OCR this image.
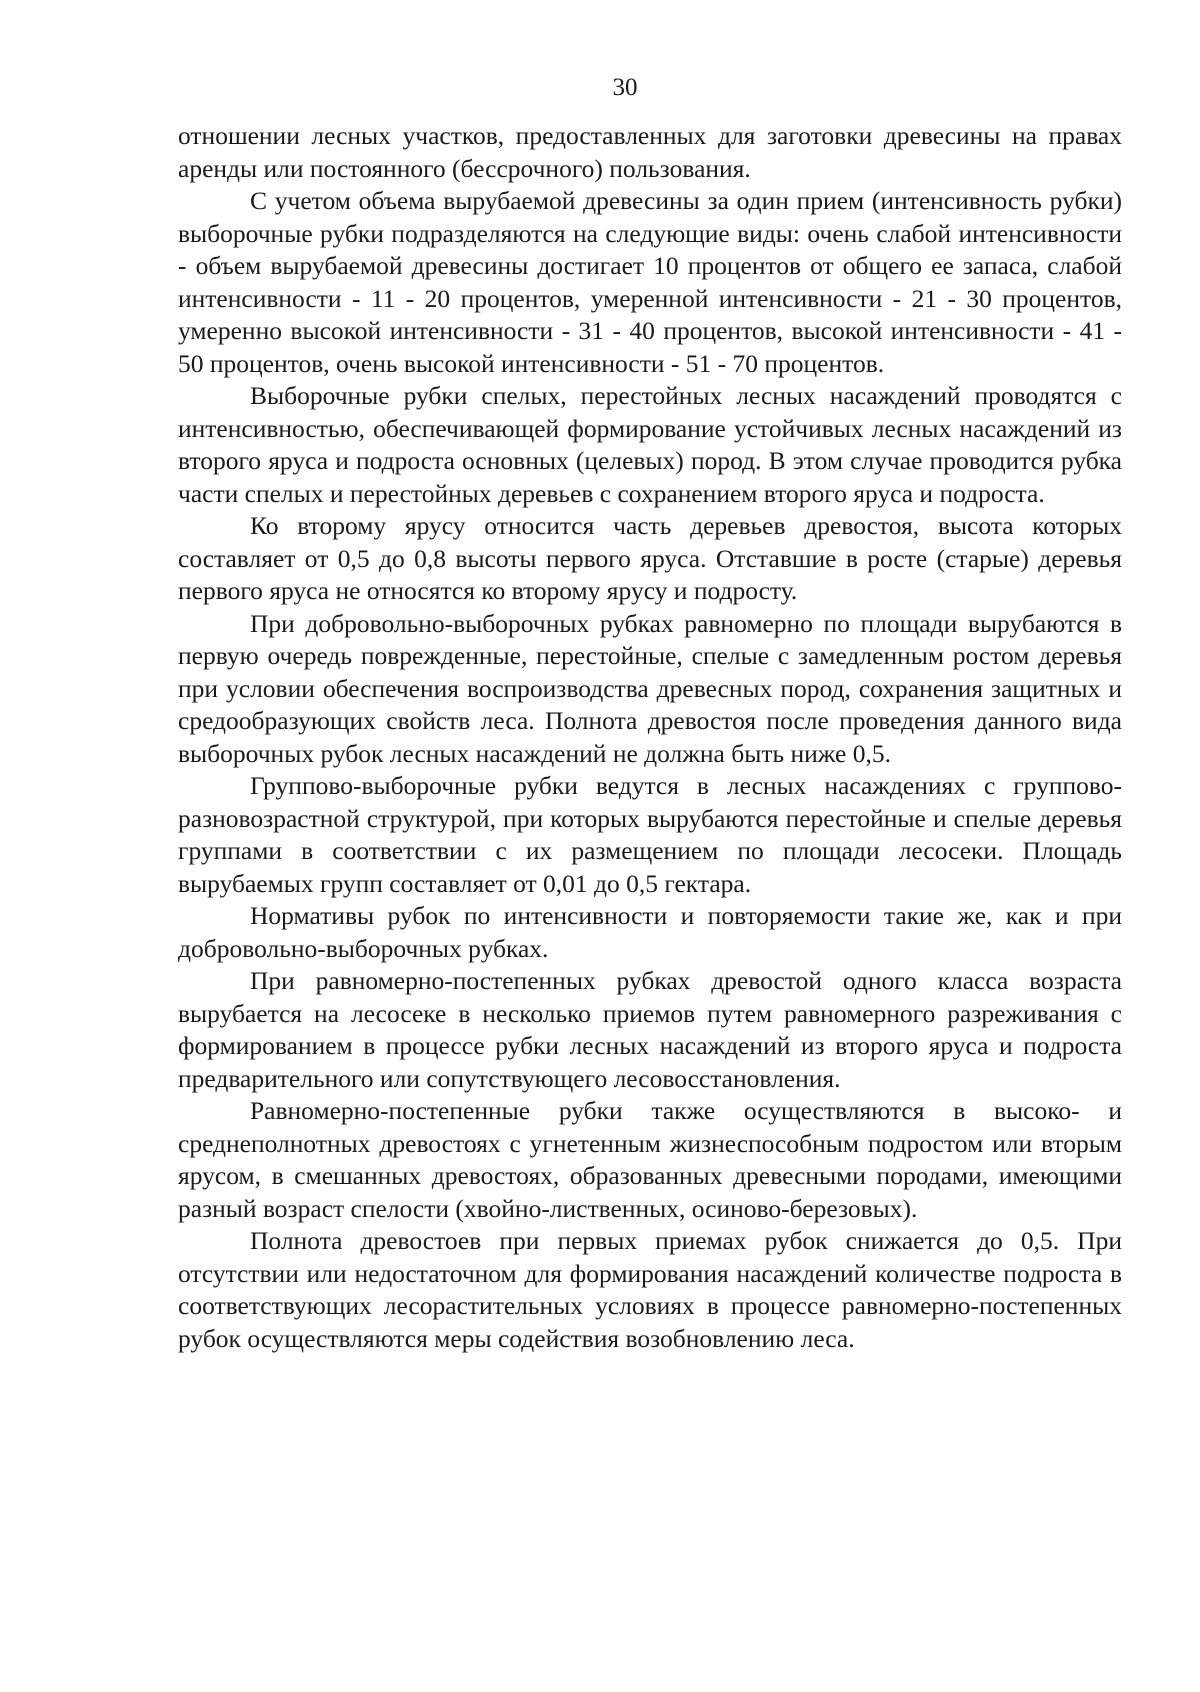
30

отношении лесных участков, предоставленных для заготовки древесины на правах аренды или постоянного (бессрочного) пользования.

С учетом объема вырубаемой древесины за один прием (интенсивность рубки) выборочные рубки подразделяются на следующие виды: очень слабой интенсивности - объем вырубаемой древесины достигает 10 процентов от общего ее запаса, слабой интенсивности - 11 - 20 процентов, умеренной интенсивности - 21 - 30 процентов, умеренно высокой интенсивности - 31 - 40 процентов, высокой интенсивности - 41 - 50 процентов, очень высокой интенсивности - 51 - 70 процентов.

Выборочные рубки спелых, перестойных лесных насаждений проводятся с интенсивностью, обеспечивающей формирование устойчивых лесных насаждений из второго яруса и подроста основных (целевых) пород. В этом случае проводится рубка части спелых и перестойных деревьев с сохранением второго яруса и подроста.

Ко второму ярусу относится часть деревьев древостоя, высота которых составляет от 0,5 до 0,8 высоты первого яруса. Отставшие в росте (старые) деревья первого яруса не относятся ко второму ярусу и подросту.

При добровольно-выборочных рубках равномерно по площади вырубаются в первую очередь поврежденные, перестойные, спелые с замедленным ростом деревья при условии обеспечения воспроизводства древесных пород, сохранения защитных и средообразующих свойств леса. Полнота древостоя после проведения данного вида выборочных рубок лесных насаждений не должна быть ниже 0,5.

Группово-выборочные рубки ведутся в лесных насаждениях с группово-разновозрастной структурой, при которых вырубаются перестойные и спелые деревья группами в соответствии с их размещением по площади лесосеки. Площадь вырубаемых групп составляет от 0,01 до 0,5 гектара.

Нормативы рубок по интенсивности и повторяемости такие же, как и при добровольно-выборочных рубках.

При равномерно-постепенных рубках древостой одного класса возраста вырубается на лесосеке в несколько приемов путем равномерного разреживания с формированием в процессе рубки лесных насаждений из второго яруса и подроста предварительного или сопутствующего лесовосстановления.

Равномерно-постепенные рубки также осуществляются в высоко- и среднеполнотных древостоях с угнетенным жизнеспособным подростом или вторым ярусом, в смешанных древостоях, образованных древесными породами, имеющими разный возраст спелости (хвойно-лиственных, осиново-березовых).

Полнота древостоев при первых приемах рубок снижается до 0,5. При отсутствии или недостаточном для формирования насаждений количестве подроста в соответствующих лесорастительных условиях в процессе равномерно-постепенных рубок осуществляются меры содействия возобновлению леса.
